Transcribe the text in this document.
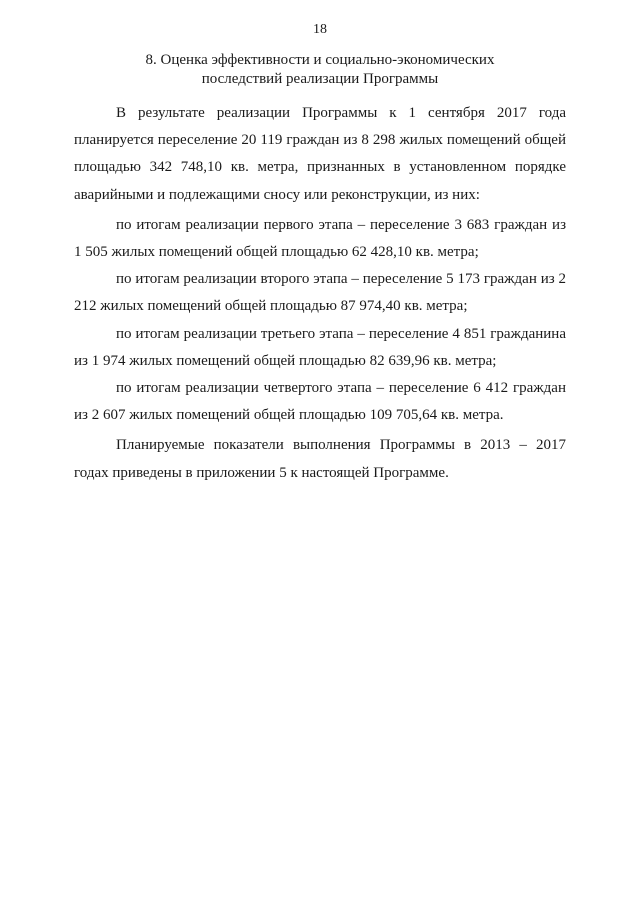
18
8. Оценка эффективности и социально-экономических
последствий реализации Программы

В результате реализации Программы к 1 сентября 2017 года планируется переселение 20 119 граждан из 8 298 жилых помещений общей площадью 342 748,10 кв. метра, признанных в установленном порядке аварийными и подлежащими сносу или реконструкции, из них:

по итогам реализации первого этапа – переселение 3 683 граждан из 1 505 жилых помещений общей площадью 62 428,10 кв. метра;

по итогам реализации второго этапа – переселение 5 173 граждан из 2 212 жилых помещений общей площадью 87 974,40 кв. метра;

по итогам реализации третьего этапа – переселение 4 851 гражданина из 1 974 жилых помещений общей площадью 82 639,96 кв. метра;

по итогам реализации четвертого этапа – переселение 6 412 граждан из 2 607 жилых помещений общей площадью 109 705,64 кв. метра.

Планируемые показатели выполнения Программы в 2013 – 2017 годах приведены в приложении 5 к настоящей Программе.
